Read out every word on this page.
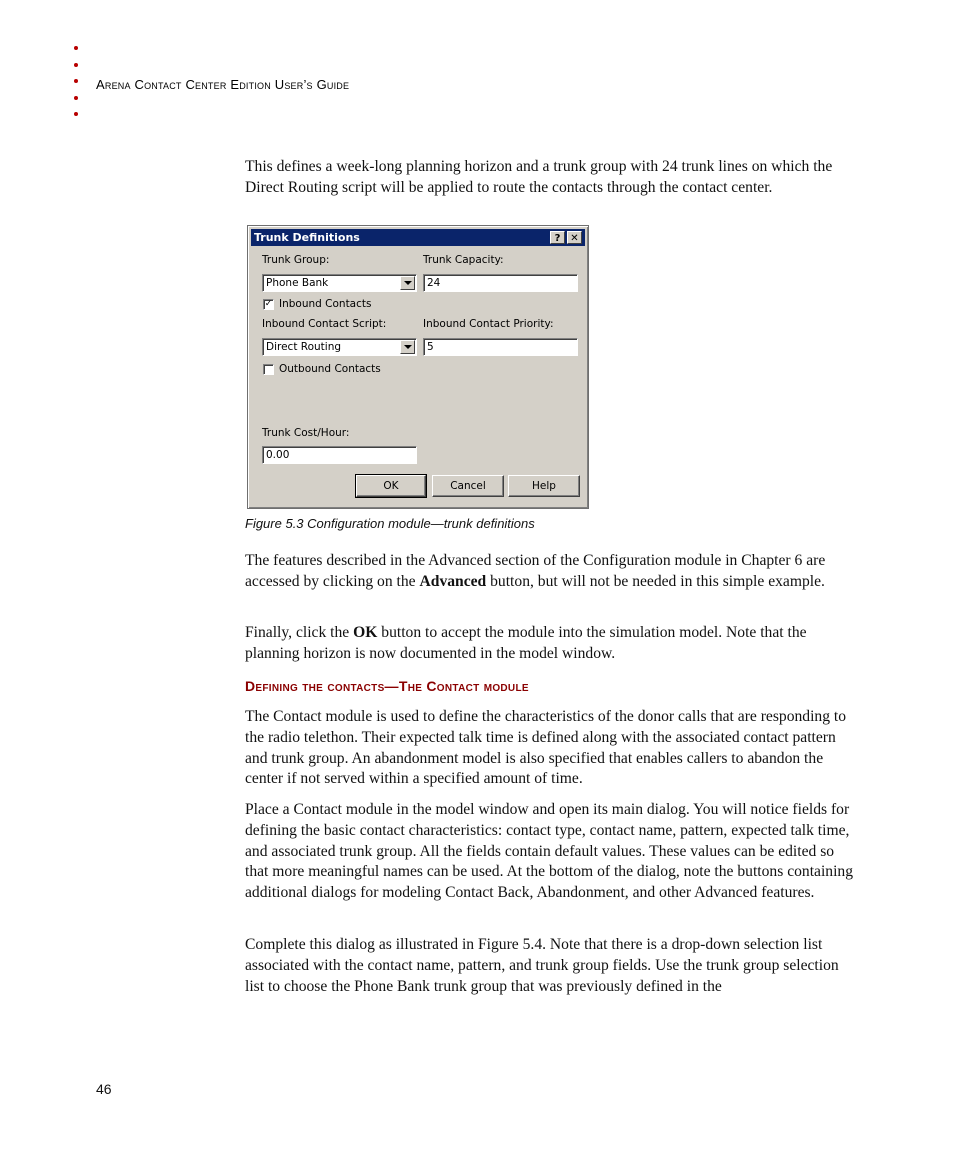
Arena Contact Center Edition User’s Guide

This defines a week-long planning horizon and a trunk group with 24 trunk lines on which the Direct Routing script will be applied to route the contacts through the contact center.

Trunk Definitions	? ✕
Trunk Group:	Trunk Capacity:
Phone Bank	24
✓ Inbound Contacts
Inbound Contact Script:	Inbound Contact Priority:
Direct Routing	5
Outbound Contacts
Trunk Cost/Hour:
0.00
OK	Cancel	Help
Figure 5.3 Configuration module—trunk definitions

The features described in the Advanced section of the Configuration module in Chapter 6 are accessed by clicking on the Advanced button, but will not be needed in this simple example.

Finally, click the OK button to accept the module into the simulation model. Note that the planning horizon is now documented in the model window.

Defining the contacts—The Contact module

The Contact module is used to define the characteristics of the donor calls that are responding to the radio telethon. Their expected talk time is defined along with the associated contact pattern and trunk group. An abandonment model is also specified that enables callers to abandon the center if not served within a specified amount of time.

Place a Contact module in the model window and open its main dialog. You will notice fields for defining the basic contact characteristics: contact type, contact name, pattern, expected talk time, and associated trunk group. All the fields contain default values. These values can be edited so that more meaningful names can be used. At the bottom of the dialog, note the buttons containing additional dialogs for modeling Contact Back, Abandonment, and other Advanced features.

Complete this dialog as illustrated in Figure 5.4. Note that there is a drop-down selection list associated with the contact name, pattern, and trunk group fields. Use the trunk group selection list to choose the Phone Bank trunk group that was previously defined in the

46
